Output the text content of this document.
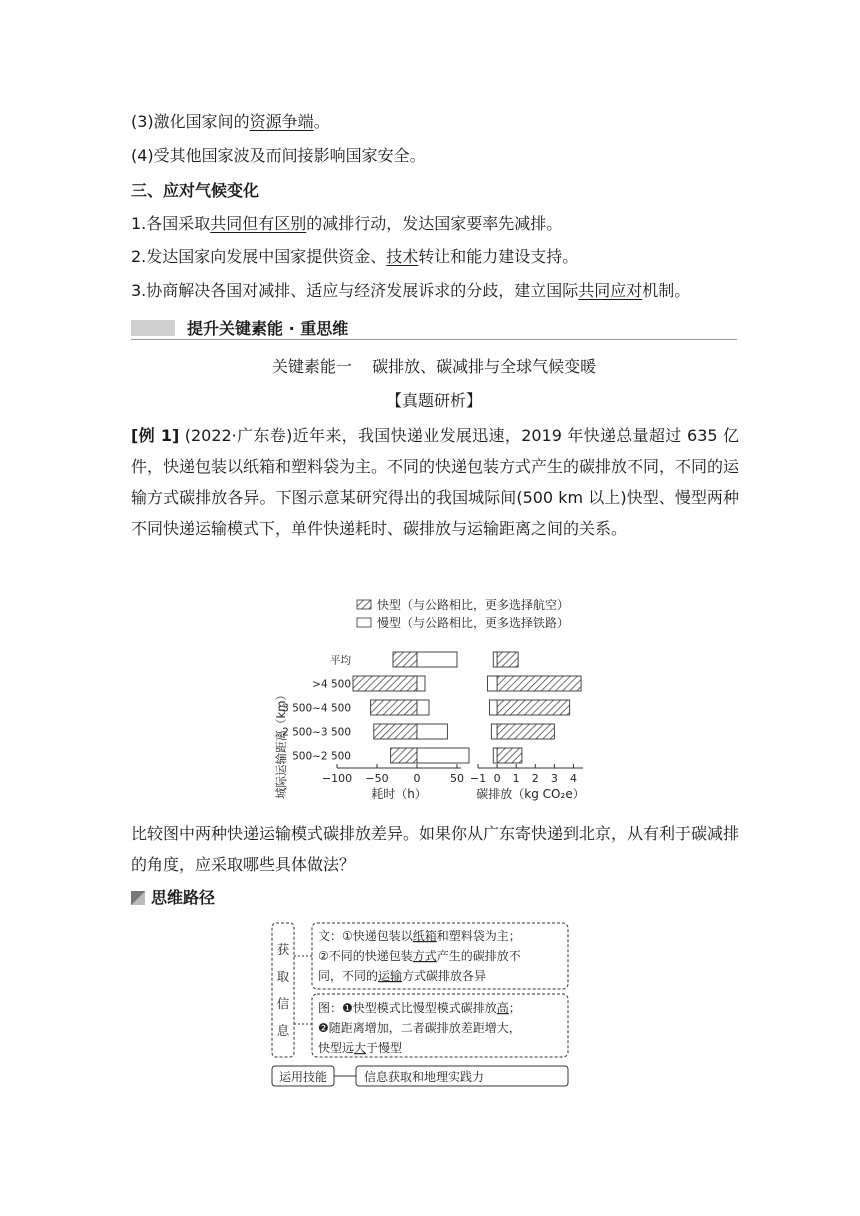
(3)激化国家间的资源争端。
(4)受其他国家波及而间接影响国家安全。
三、应对气候变化
1.各国采取共同但有区别的减排行动，发达国家要率先减排。
2.发达国家向发展中国家提供资金、技术转让和能力建设支持。
3.协商解决各国对减排、适应与经济发展诉求的分歧，建立国际共同应对机制。
提升关键素能 · 重思维
关键素能一    碳排放、碳减排与全球气候变暖
【真题研析】
[例 1] (2022·广东卷)近年来，我国快递业发展迅速，2019 年快递总量超过 635 亿件，快递包装以纸箱和塑料袋为主。不同的快递包装方式产生的碳排放不同，不同的运输方式碳排放各异。下图示意某研究得出的我国城际间(500 km 以上)快型、慢型两种不同快递运输模式下，单件快递耗时、碳排放与运输距离之间的关系。
快型（与公路相比，更多选择航空）
慢型（与公路相比，更多选择铁路）
城际运输距离（km）
平均
>4 500
3 500~4 500
2 500~3 500
500~2 500
−100 −50 0	50
耗时（h）
−1 0 1 2 3 4
碳排放（kg CO₂e）
比较图中两种快递运输模式碳排放差异。如果你从广东寄快递到北京，从有利于碳减排的角度，应采取哪些具体做法？
思维路径
获
取
信
息
文：①快递包装以纸箱和塑料袋为主；
②不同的快递包装方式产生的碳排放不
同，不同的运输方式碳排放各异
图：❶快型模式比慢型模式碳排放高；
❷随距离增加，二者碳排放差距增大，
快型远大于慢型
运用技能	信息获取和地理实践力
